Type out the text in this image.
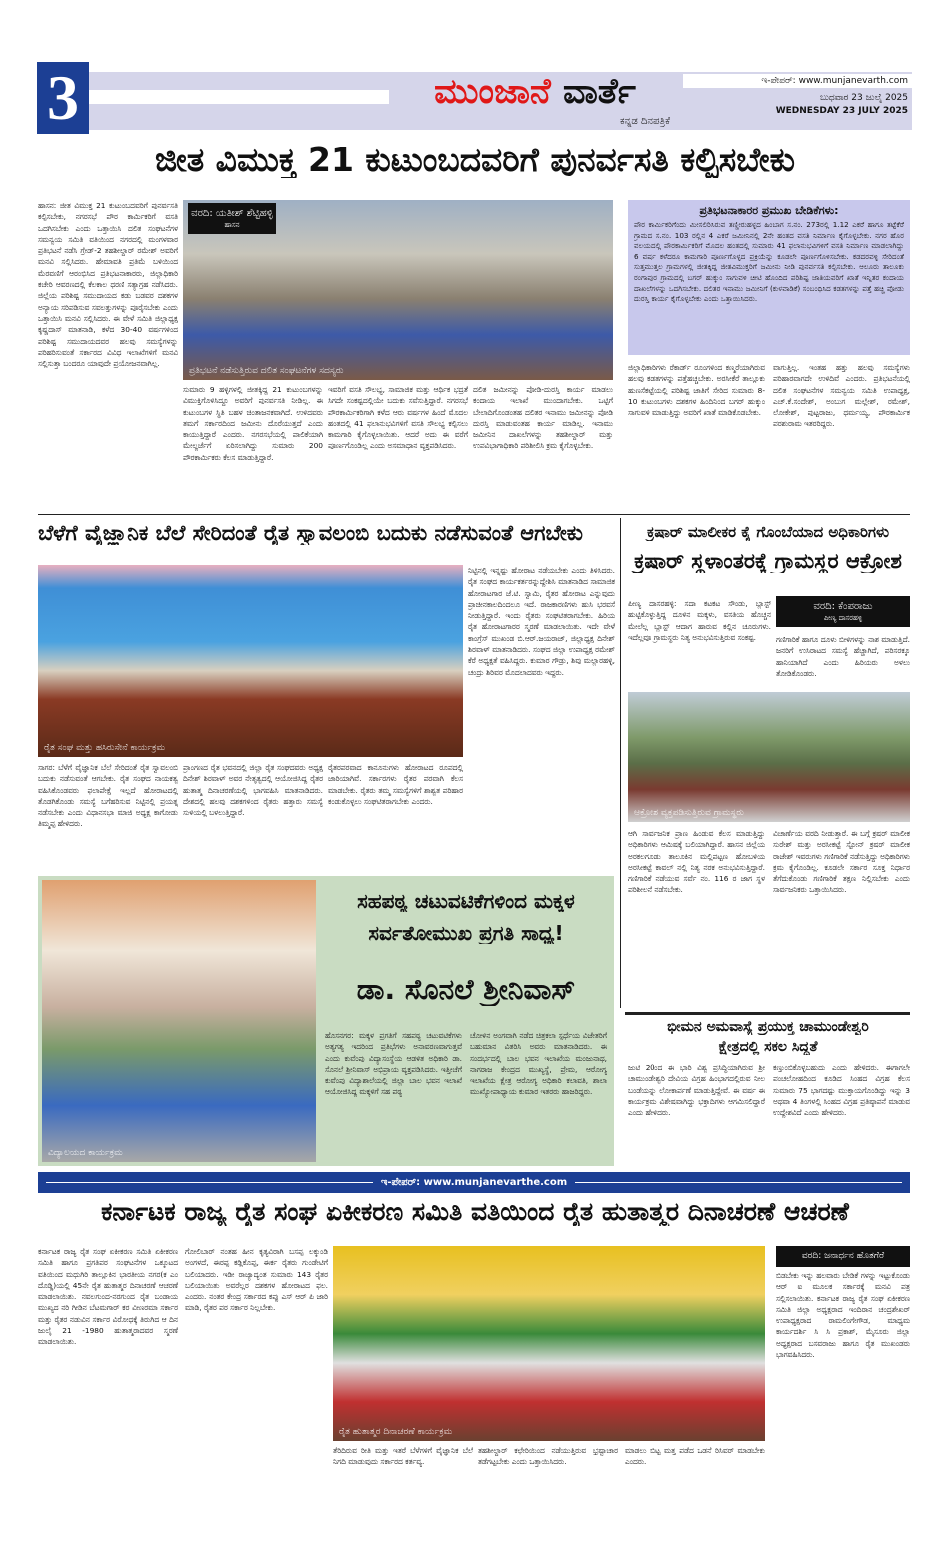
3	ಮುಂಜಾನೆ ವಾರ್ತೆ
ಕನ್ನಡ ದಿನಪತ್ರಿಕೆ
ಇ-ಪೇಪರ್: www.munjanevarth.com
ಬುಧವಾರ 23 ಜುಲೈ 2025
WEDNESDAY 23 JULY 2025
ಜೀತ ವಿಮುಕ್ತ 21 ಕುಟುಂಬದವರಿಗೆ ಪುನರ್ವಸತಿ ಕಲ್ಪಿಸಬೇಕು
ಹಾಸನ: ಜೀತ ವಿಮುಕ್ತ 21 ಕುಟುಂಬದವರಿಗೆ ಪುನರ್ವಸತಿ ಕಲ್ಪಿಸಬೇಕು, ನಗರಸಭೆ ಪೌರ ಕಾರ್ಮಿಕರಿಗೆ ವಸತಿ ಒದಗಿಸಬೇಕು ಎಂದು ಒತ್ತಾಯಿಸಿ ದಲಿತ ಸಂಘಟನೆಗಳ ಸಮನ್ವಯ ಸಮಿತಿ ವತಿಯಿಂದ ನಗರದಲ್ಲಿ ಮಂಗಳವಾರ ಪ್ರತಿಭಟನೆ ನಡೆಸಿ ಗ್ರೇಡ್-2 ತಹಶೀಲ್ದಾರ್ ರಮೇಶ್ ಅವರಿಗೆ ಮನವಿ ಸಲ್ಲಿಸಿದರು. ಹೇಮಾವತಿ ಪ್ರತಿಮೆ ಬಳಿಯಿಂದ ಮೆರವಣಿಗೆ ಆರಂಭಿಸಿದ ಪ್ರತಿಭಟನಾಕಾರರು, ಜಿಲ್ಲಾಧಿಕಾರಿ ಕಚೇರಿ ಆವರಣದಲ್ಲಿ ಕೆಲಕಾಲ ಧರಣಿ ಸತ್ಯಾಗ್ರಹ ನಡೆಸಿದರು. ಜಿಲ್ಲೆಯ ಪರಿಶಿಷ್ಟ ಸಮುದಾಯದ ಕಡು ಬಡವರ ದಶಕಗಳ ಅನ್ಯಾಯ ಸರಿಪಡಿಸುವ ಸವಲತ್ತುಗಳನ್ನು ಪೂರೈಸಬೇಕು ಎಂದು ಒತ್ತಾಯಿಸಿ ಮನವಿ ಸಲ್ಲಿಸಿದರು. ಈ ವೇಳೆ ಸಮಿತಿ ಜಿಲ್ಲಾಧ್ಯಕ್ಷ ಕೃಷ್ಣದಾಸ್ ಮಾತನಾಡಿ, ಕಳೆದ 30-40 ವರ್ಷಗಳಿಂದ ಪರಿಶಿಷ್ಟ ಸಮುದಾಯದವರ ಹಲವು ಸಮಸ್ಯೆಗಳನ್ನು ಪರಿಹರಿಸುವಂತೆ ಸರ್ಕಾರದ ವಿವಿಧ ಇಲಾಖೆಗಳಿಗೆ ಮನವಿ ಸಲ್ಲಿಸುತ್ತಾ ಬಂದರೂ ಯಾವುದೇ ಪ್ರಯೋಜನವಾಗಿಲ್ಲ.
ಪ್ರತಿಭಟನೆ ನಡೆಸುತ್ತಿರುವ ದಲಿತ ಸಂಘಟನೆಗಳ ಸದಸ್ಯರು
ವರದಿ: ಯತೀಶ್ ಶೆಟ್ಟಿಹಳ್ಳಿ
ಹಾಸನ
ಸುಮಾರು 9 ಹಳ್ಳಿಗಳಲ್ಲಿ ಜೀತಕ್ಕಿದ್ದ 21 ಕುಟುಂಬಗಳನ್ನು ವಿಮುಕ್ತಿಗೊಳಿಸಿದ್ದೂ ಅವರಿಗೆ ಪುನರ್ವಸತಿ ನೀಡಿಲ್ಲ. ಈ ಕುಟುಂಬಗಳ ಸ್ಥಿತಿ ಬಹಳ ಚಿಂತಾಜನಕವಾಗಿದೆ. ಉಳಿದವರು ತಮಗೆ ಸರ್ಕಾರದಿಂದ ಜಮೀನು ದೊರೆಯುತ್ತದೆ ಎಂದು ಕಾಯುತ್ತಿದ್ದಾರೆ ಎಂದರು. ನಗರಸಭೆಯಲ್ಲಿ ಪಾಲಿಕೆಯಾಗಿ ಮೇಲ್ದರ್ಜೆಗೆ ಏರಿಸಲಾಗಿದ್ದು ಸುಮಾರು 200 ಪೌರಕಾರ್ಮಿಕರು ಕೆಲಸ ಮಾಡುತ್ತಿದ್ದಾರೆ.
ಇವರಿಗೆ ವಸತಿ ಸೌಲಭ್ಯ, ಸಾಮಾಜಿಕ ಮತ್ತು ಆರ್ಥಿಕ ಭದ್ರತೆ ಸಿಗದೇ ಸಂಕಷ್ಟದಲ್ಲಿಯೇ ಬದುಕು ಸವೆಸುತ್ತಿದ್ದಾರೆ. ನಗರಸಭೆ ಪೌರಕಾರ್ಮಿಕರಿಗಾಗಿ ಕಳೆದ ಆರು ವರ್ಷಗಳ ಹಿಂದೆ ಮೊದಲ ಹಂತದಲ್ಲಿ 41 ಫಲಾನುಭವಿಗಳಿಗೆ ವಸತಿ ಸೌಲಭ್ಯ ಕಲ್ಪಿಸಲು ಕಾಮಗಾರಿ ಕೈಗೊಳ್ಳಲಾಯಿತು. ಆದರೆ ಅದು ಈ ವರೆಗೆ ಪೂರ್ಣಗೊಂಡಿಲ್ಲ ಎಂದು ಅಸಮಾಧಾನ ವ್ಯಕ್ತಪಡಿಸಿದರು.
ದಲಿತ ಜಮೀನನ್ನು ಪೋಡಿ-ದುರಸ್ತಿ ಕಾರ್ಯ ಮಾಡಲು ಕಂದಾಯ ಇಲಾಖೆ ಮುಂದಾಗಬೇಕು. ಒಟ್ಟಿಗೆ ಬೇಲಾದಿಗೊಂಡಂತಹ ದಲಿತರ ಇನಾಮು ಜಮೀನನ್ನು ಪೋಡಿ ದುರಸ್ತಿ ಮಾಡುವಂತಹ ಕಾರ್ಯ ಮಾಡಿಲ್ಲ. ಇನಾಮು ಜಮೀನಿನ ದಾಖಲೆಗಳನ್ನು ತಹಶೀಲ್ದಾರ್ ಮತ್ತು ಉಪವಿಭಾಗಾಧಿಕಾರಿ ಪರಿಶೀಲಿಸಿ ಕ್ರಮ ಕೈಗೊಳ್ಳಬೇಕು.
ಪ್ರತಿಭಟನಾಕಾರರ ಪ್ರಮುಖ ಬೇಡಿಕೆಗಳು:
ಪೌರ ಕಾರ್ಮಿಕರಿಗೆಂದು ಮೀಸಲಿರಿಸಿರುವ ತಣ್ಣೀರುಹಳ್ಳದ ಹಿಂಬಾಗ ಸ.ನಂ. 273ರಲ್ಲಿ 1.12 ಎಕರೆ ಹಾಗೂ ತಟ್ಟೆಕೆರೆ ಗ್ರಾಮದ ಸ.ನಂ. 103 ರಲ್ಲಿನ 4 ಎಕರೆ ಜಮೀನಿನಲ್ಲಿ 2ನೇ ಹಂತದ ವಸತಿ ನಿರ್ಮಾಣ ಕೈಗೊಳ್ಳಬೇಕು. ನಗರ ಹೊರ ವಲಯದಲ್ಲಿ ಪೌರಕಾರ್ಮಿಕರಿಗೆ ಮೊದಲ ಹಂತದಲ್ಲಿ ಸುಮಾರು 41 ಫಲಾನುಭವಿಗಳಿಗೆ ವಸತಿ ನಿರ್ಮಾಣ ಮಾಡಲಾಗಿದ್ದು 6 ವರ್ಷ ಕಳೆದರೂ ಕಾಮಗಾರಿ ಪೂರ್ಣಗೊಳ್ಳದ ಪ್ರಕ್ರಿಯೆನ್ನು ಕೂಡಲೇ ಪೂರ್ಣಗೊಳಿಸಬೇಕು. ಕಡದರವಳ್ಳಿ ಸೇರಿದಂತೆ ಸುತ್ತಮುತ್ತಲ ಗ್ರಾಮಗಳಲ್ಲಿ ಜೀತಕ್ಕಿದ್ದ ಜೀತವಿಮುಕ್ತರಿಗೆ ಜಮೀನು ನೀಡಿ ಪುನರ್ವಸತಿ ಕಲ್ಪಿಸಬೇಕು. ಆಲೂರು ತಾಲೂಕು ರಂಗಾಪುರ ಗ್ರಾಮದಲ್ಲಿ ಬಗರ್ ಹುಕ್ಕುಂ ಸಾಗುವಳಿ ಚೀಟಿ ಹೊಂದಿದ ಪರಿಶಿಷ್ಟ ಜಾತಿಯವರಿಗೆ ಖಾತೆ ಇನ್ನಿತರ ಕಂದಾಯ ದಾಖಲೆಗಳನ್ನು ಒದಗಿಸಬೇಕು. ದಲಿತರ ಇನಾಮು ಜಮೀನಿಗೆ (ಕುಳವಾಡಿಕೆ) ಸಂಬಂಧಿಸಿದ ಕಡತಗಳನ್ನು ಪತ್ತೆ ಹಚ್ಚಿ ಪೋಡು ದುರಸ್ತಿ ಕಾರ್ಯ ಕೈಗೊಳ್ಳಬೇಕು ಎಂದು ಒತ್ತಾಯಿಸಿದರು.
ಜಿಲ್ಲಾಧಿಕಾರಿಗಳು ರೆಕಾರ್ಡ್ ರೂಂಗಳಿಂದ ಕಣ್ಮರೆಯಾಗಿರುವ ಹಲವು ಕಡತಗಳನ್ನು ಪತ್ತೆಹಚ್ಚಬೇಕು. ಅರಸೀಕೆರೆ ತಾಲ್ಲೂಕು ಹುಣಸೆಕಟ್ಟೆಯಲ್ಲಿ ಪರಿಶಿಷ್ಟ ಜಾತಿಗೆ ಸೇರಿದ ಸುಮಾರು 8-10 ಕುಟುಂಬಗಳು ದಶಕಗಳ ಹಿಂದಿನಿಂದ ಬಗರ್ ಹುಕ್ಕುಂ ಸಾಗುವಳಿ ಮಾಡುತ್ತಿದ್ದು ಅವರಿಗೆ ಖಾತೆ ಮಾಡಿಕೊಡಬೇಕು.
ವಾಗುತ್ತಿಲ್ಲ. ಇಂತಹ ಹತ್ತು ಹಲವು ಸಮಸ್ಯೆಗಳು ಪರಿಹಾರವಾಗದೇ ಉಳಿದಿವೆ ಎಂದರು. ಪ್ರತಿಭಟನೆಯಲ್ಲಿ ದಲಿತ ಸಂಘಟನೆಗಳ ಸಮನ್ವಯ ಸಮಿತಿ ಉಪಾಧ್ಯಕ್ಷ, ಎಚ್.ಕೆ.ಸಂದೇಶ್, ಅಂಬುಗ ಮಲ್ಲೇಶ್, ರಮೇಶ್, ಲೋಕೇಶ್, ಪುಟ್ಟರಾಜು, ಧರ್ಮಯ್ಯ, ಪೌರಕಾರ್ಮಿಕ ಪರಶುರಾಮ ಇತರರಿದ್ದರು.
ಬೆಳೆಗೆ ವೈಜ್ಞಾನಿಕ ಬೆಲೆ ಸೇರಿದಂತೆ ರೈತ ಸ್ವಾವಲಂಬಿ ಬದುಕು ನಡೆಸುವಂತೆ ಆಗಬೇಕು
ರೈತ ಸಂಘ ಮತ್ತು ಹಸಿರುಸೇನೆ ಕಾರ್ಯಕ್ರಮ
ನಿಟ್ಟಿನಲ್ಲಿ ಇನ್ನಷ್ಟು ಹೋರಾಟ ನಡೆಯಬೇಕು ಎಂದು ತಿಳಿಸಿದರು. ರೈತ ಸಂಘದ ಕಾರ್ಯಕರ್ತರನ್ನುದ್ದೇಶಿಸಿ ಮಾತನಾಡಿದ ಸಾಮಾಜಿಕ ಹೋರಾಟಗಾರ ಜೆ.ಟಿ. ಸ್ವಾಮಿ, ರೈತರ ಹೋರಾಟ ಎನ್ನುವುದು ಪ್ರಾಚೀನಕಾಲದಿಂದಲೂ ಇದೆ. ರಾಜಕಾರಣಿಗಳು ಹುಸಿ ಭರವಸೆ ನೀಡುತ್ತಿದ್ದಾರೆ. ಇಂದು ರೈತರು ಸಂಘಟಿತರಾಗಬೇಕು. ಹಿರಿಯ ರೈತ ಹೋರಾಟಗಾರರ ಸ್ಮರಣೆ ಮಾಡಲಾಯಿತು. ಇದೇ ವೇಳೆ ಕಾಂಗ್ರೆಸ್ ಮುಖಂಡ ಬಿ.ಆರ್.ಜಯರಾಜ್, ಜಿಲ್ಲಾಧ್ಯಕ್ಷ ದಿನೇಶ್ ಶಿರವಾಳ್ ಮಾತನಾಡಿದರು. ಸಂಘದ ಜಿಲ್ಲಾ ಉಪಾಧ್ಯಕ್ಷ ರಮೇಶ್ ಕೆರೆ ಅಧ್ಯಕ್ಷತೆ ವಹಿಸಿದ್ದರು. ಕುಮಾರ ಗೌಡ್ರು, ಶಿವು ಮಲ್ಲಾರಹಳ್ಳಿ, ಚಂದ್ರು ಶಿರಿವರ ಮೊದಲಾದವರು ಇದ್ದರು.
ಸಾಗರ: ಬೆಳೆಗೆ ವೈಜ್ಞಾನಿಕ ಬೆಲೆ ಸೇರಿದಂತೆ ರೈತ ಸ್ವಾವಲಂಬಿ ಬದುಕು ನಡೆಸುವಂತೆ ಆಗಬೇಕು. ರೈತ ಸಂಘದ ನಾಯಕತ್ವ ವಹಿಸಿಕೊಂಡವರು ಫಲಾಪೇಕ್ಷೆ ಇಲ್ಲದೆ ಹೋರಾಟದಲ್ಲಿ ತೊಡಗಿಕೊಂಡು ಸಮಸ್ಯೆ ಬಗೆಹರಿಸುವ ನಿಟ್ಟಿನಲ್ಲಿ ಪ್ರಯತ್ನ ನಡೆಸಬೇಕು ಎಂದು ವಿಧಾನಸಭಾ ಮಾಜಿ ಅಧ್ಯಕ್ಷ ಕಾಗೋಡು ತಿಮ್ಮಪ್ಪ ಹೇಳಿದರು.
ಪ್ರಾಂಗಣದ ರೈತ ಭವನದಲ್ಲಿ ಜಿಲ್ಲಾ ರೈತ ಸಂಘದವರು ಅಧ್ಯಕ್ಷ ದಿನೇಶ್ ಶಿರವಾಳ್ ಅವರ ನೇತೃತ್ವದಲ್ಲಿ ಆಯೋಜಿಸಿದ್ದ ರೈತರ ಹುತಾತ್ಮ ದಿನಾಚರಣೆಯಲ್ಲಿ ಭಾಗವಹಿಸಿ ಮಾತನಾಡಿದರು. ದೇಶದಲ್ಲಿ ಹಲವು ದಶಕಗಳಿಂದ ರೈತರು ಹತ್ತಾರು ಸಮಸ್ಯೆ ಸುಳಿಯಲ್ಲಿ ಬಳಲುತ್ತಿದ್ದಾರೆ.
ರೈತರಪರವಾದ ಕಾನೂನುಗಳು ಹೋರಾಟದ ರೂಪದಲ್ಲಿ ಜಾರಿಯಾಗಿವೆ. ಸರ್ಕಾರಗಳು ರೈತರ ಪರವಾಗಿ ಕೆಲಸ ಮಾಡಬೇಕು. ರೈತರು ತಮ್ಮ ಸಮಸ್ಯೆಗಳಿಗೆ ಶಾಶ್ವತ ಪರಿಹಾರ ಕಂಡುಕೊಳ್ಳಲು ಸಂಘಟಿತರಾಗಬೇಕು ಎಂದರು.
ಕ್ರಷಾರ್ ಮಾಲೀಕರ ಕೈ ಗೊಂಬೆಯಾದ ಅಧಿಕಾರಿಗಳು
ಕ್ರಷಾರ್ ಸ್ಥಳಾಂತರಕ್ಕೆ ಗ್ರಾಮಸ್ಥರ ಆಕ್ರೋಶ
ಪೀಣ್ಯ ದಾಸರಹಳ್ಳಿ: ಸದಾ ಕಟಕಟ ಸೌಂಡು, ಬ್ಲಾಸ್ಟ್ ಹುಟ್ಟಿಕೊಳ್ಳುತ್ತಿದ್ದ ದೂಳಿನ ಮಕ್ಕಳು, ವಸತಿಯ ಹೊಚ್ಚನ ಮೇಲೆಲ್ಲ ಬ್ಲಾಸ್ಟ್ ಆದಾಗ ಹಾರುವ ಕಲ್ಲಿನ ಚೂರುಗಳು. ಇದೆಲ್ಲವೂ ಗ್ರಾಮಸ್ಥರು ನಿತ್ಯ ಅನುಭವಿಸುತ್ತಿರುವ ಸಂಕಷ್ಟ.
ವರದಿ: ಕೆಂಪರಾಜು
ಪೀಣ್ಯ ದಾಸರಹಳ್ಳಿ
ಗಣಿಗಾರಿಕೆ ಹಾಗೂ ದೂಳು ಬೀಳಿಗಳನ್ನು ನಾಶ ಮಾಡುತ್ತಿದೆ. ಜನರಿಗೆ ಉಸಿರಾಟದ ಸಮಸ್ಯೆ ಹೆಚ್ಚಾಗಿದೆ, ಪರಿಸರಕ್ಕೂ ಹಾನಿಯಾಗಿದೆ ಎಂದು ಹಿರಿಯರು ಅಳಲು ತೋಡಿಕೊಂಡರು.
ಆಕ್ರೋಶ ವ್ಯಕ್ತಪಡಿಸುತ್ತಿರುವ ಗ್ರಾಮಸ್ಥರು
ಆಗಿ ಸಾರ್ವಜನಿಕ ಪ್ರಾಣ ಹಿಂಡುವ ಕೆಲಸ ಮಾಡುತ್ತಿದ್ದು ಅಧಿಕಾರಿಗಳು ಆಮಿಷಕ್ಕೆ ಬಲಿಯಾಗಿದ್ದಾರೆ. ಹಾಸನ ಜಿಲ್ಲೆಯ ಅರಕಲಗೂಡು ತಾಲೂಕಿನ ಮಲ್ಲಿಪಟ್ಟಣ ಹೋಬಳಿಯ ಅರಸೀಕಟ್ಟೆ ಕಾವಲ್ ನಲ್ಲಿ ನಿತ್ಯ ನರಕ ಅನುಭವಿಸುತ್ತಿದ್ದಾರೆ. ಗಣಿಗಾರಿಕೆ ನಡೆಯುವ ಸರ್ವೆ ನಂ. 116 ರ ಜಾಗ ಸ್ಥಳ ಪರಿಶೀಲನೆ ನಡೆಸಬೇಕು.
ವಿಚಾರ್ಣೆಯ ವರದಿ ನೀಡುತ್ತಾರೆ. ಈ ಬಗ್ಗೆ ಕ್ರಷರ್ ಮಾಲೀಕ ಸುರೇಶ್ ಮತ್ತು ಅರಸೀಕಟ್ಟೆ ಸ್ಟೋನ್ ಕ್ರಷರ್ ಮಾಲೀಕ ರಾಜೇಶ್ ಇವರುಗಳು ಗಣಿಗಾರಿಕೆ ನಡೆಸುತ್ತಿದ್ದು ಅಧಿಕಾರಿಗಳು ಕ್ರಮ ಕೈಗೊಂಡಿಲ್ಲ. ಕೂಡಲೇ ಸರ್ಕಾರ ಸೂಕ್ತ ನಿರ್ಧಾರ ತೆಗೆದುಕೊಂಡು ಗಣಿಗಾರಿಕೆ ತಕ್ಷಣ ನಿಲ್ಲಿಸಬೇಕು ಎಂದು ಸಾರ್ವಜನಿಕರು ಒತ್ತಾಯಿಸಿದರು.
ವಿದ್ಯಾಲಯದ ಕಾರ್ಯಕ್ರಮ
ಸಹಪಠ್ಯ ಚಟುವಟಿಕೆಗಳಿಂದ ಮಕ್ಕಳ
ಸರ್ವತೋಮುಖ ಪ್ರಗತಿ ಸಾಧ್ಯ!
ಡಾ. ಸೊನಲೆ ಶ್ರೀನಿವಾಸ್
ಹೊಸನಗರ: ಮಕ್ಕಳ ಪ್ರಗತಿಗೆ ಸಹಪಠ್ಯ ಚಟುವಟಿಕೆಗಳು ಅತ್ಯಗತ್ಯ ಇದರಿಂದ ಪ್ರತಿಭೆಗಳು ಅನಾವರಣವಾಗುತ್ತವೆ ಎಂದು ಕುವೆಂಪು ವಿದ್ಯಾಸಂಸ್ಥೆಯ ಆಡಳಿತ ಅಧಿಕಾರಿ ಡಾ. ಸೊನಲೆ ಶ್ರೀನಿವಾಸ್ ಅಭಿಪ್ರಾಯ ವ್ಯಕ್ತಪಡಿಸಿದರು. ಇತ್ತೀಚೆಗೆ ಕುವೆಂಪು ವಿದ್ಯಾಶಾಲೆಯಲ್ಲಿ ಜಿಲ್ಲಾ ಬಾಲ ಭವನ ಇಲಾಖೆ ಆಯೋಜಿಸಿದ್ದ ಮಕ್ಕಳಿಗೆ ಸಹ ಪಠ್ಯ
ಚೋಳಿನ ಅಂಗವಾಗಿ ನಡೆದ ಚಿತ್ರಕಲಾ ಸ್ಪರ್ಧೆಯ ವಿಜೇತರಿಗೆ ಬಹುಮಾನ ವಿತರಿಸಿ ಅವರು ಮಾತನಾಡಿದರು. ಈ ಸಂದರ್ಭದಲ್ಲಿ ಬಾಲ ಭವನ ಇಲಾಖೆಯ ಮಂಜುನಾಥ, ನಾಗರಾಜ ಕೇಂದ್ರದ ಮುಖ್ಯಸ್ಥೆ, ಪ್ರೇಮ, ಆರೋಗ್ಯ ಇಲಾಖೆಯ ಕ್ಷೇತ್ರ ಆರೋಗ್ಯ ಅಧಿಕಾರಿ ಕಲಾವತಿ, ಶಾಲಾ ಮುಖ್ಯೋಪಾಧ್ಯಾಯ ಕುಮಾರ ಇತರರು ಹಾಜರಿದ್ದರು.
ಭೀಮನ ಅಮವಾಸ್ಯೆ ಪ್ರಯುಕ್ತ ಚಾಮುಂಡೇಶ್ವರಿ
ಕ್ಷೇತ್ರದಲ್ಲಿ ಸಕಲ ಸಿದ್ಧತೆ
ಜುಟಿ 20ಂದ ಈ ಭಾರಿ ವಿಶ್ವ ಪ್ರಸಿದ್ಧಿಯಾಗಿರುವ ಶ್ರೀ ಚಾಮುಂಡೇಶ್ವರಿ ದೇವಿಯ ವಿಗ್ರಹ ಹಿಂಭಾಗದಲ್ಲಿರುವ ನೀಲ ಬಂಡೆಯನ್ನು ಲೋಕಾರ್ಪಣೆ ಮಾಡುತ್ತಿದ್ದೇವೆ. ಈ ವರ್ಷ ಈ ಕಾರ್ಯಕ್ರಮ ವಿಶೇಷವಾಗಿದ್ದು ಭಕ್ತಾದಿಗಳು ಆಗಮಿಸಲಿದ್ದಾರೆ ಎಂದು ಹೇಳಿದರು.
ಕಣ್ತುಂಬಿಕೊಳ್ಳಬಹುದು ಎಂದು ಹೇಳಿದರು. ಈಗಾಗಲೇ ಪಂಚಲೋಹದಿಂದ ಕೂಡಿದ ಸಿಂಹದ ವಿಗ್ರಹ ಕೆಲಸ ಸುಮಾರು 75 ಭಾಗದಷ್ಟು ಮುಕ್ತಾಯಗೊಂಡಿದ್ದು ಇನ್ನು 3 ಅಥವಾ 4 ತಿಂಗಳಲ್ಲಿ ಸಿಂಹದ ವಿಗ್ರಹ ಪ್ರತಿಷ್ಠಾಪನೆ ಮಾಡುವ ಉದ್ದೇಶವಿದೆ ಎಂದು ಹೇಳಿದರು.
ಇ-ಪೇಪರ್: www.munjanevarthe.com
ಕರ್ನಾಟಕ ರಾಜ್ಯ ರೈತ ಸಂಘ ಏಕೀಕರಣ ಸಮಿತಿ ವತಿಯಿಂದ ರೈತ ಹುತಾತ್ಮರ ದಿನಾಚರಣೆ ಆಚರಣೆ
ಕರ್ನಾಟಕ ರಾಜ್ಯ ರೈತ ಸಂಘ ಏಕೀಕರಣ ಸಮಿತಿ ಏಕೀಕರಣ ಸಮಿತಿ ಹಾಗೂ ಪ್ರಗತಿಪರ ಸಂಘಟನೆಗಳ ಒಕ್ಕೂಟದ ವತಿಯಿಂದ ಮಧುಗಿರಿ ತಾಲ್ಲೂಕಿನ ಭಾರತೀಯ ನಗರ(ಕ ಎಂ ದೊಡ್ಡಿ)ಯಲ್ಲಿ 45ನೇ ರೈತ ಹುತಾತ್ಮರ ದಿನಾಚರಣೆ ಆಚರಣೆ ಮಾಡಲಾಯಿತು. ನವಲಗುಂದ-ನರಗುಂದ ರೈತ ಬಂಡಾಯ ಮುಖ್ಯದ ನರಿ ಗೀಡಿನ ಬೆಟಮಗಾರ್ ಕರ ವೀಣರಮಾ ಸರ್ಕಾರ ಮತ್ತು ರೈತರ ನಡುವಿನ ಸರ್ಕಾರ ವಿರೋಧಕ್ಕೆ ತಿರುಗಿದ ಆ ದಿನ ಜುಲೈ 21 -1980 ಹುತಾತ್ಮರಾದವರ ಸ್ಮರಣೆ ಮಾಡಲಾಯಿತು.
ಗೋಲಿಬಾರ್ ನಂತಹ ಹೀನ ಕೃತ್ಯವಿರಾಗಿ ಬಸಪ್ಪ ಲಕ್ಕುಂಡಿ ಅಂಗಳದೆ, ಈರಪ್ಪ ಕಡ್ಲಿಕೊಪ್ಪ, ಈರ್ಕ ರೈತರು ಗುಂಡೇಟಿಗೆ ಬಲಿಯಾದರು. ಇಡೀ ರಾಜ್ಯಾದ್ಯಂತ ಸುಮಾರು 143 ರೈತರ ಬಲಿಯಾಯಿತು ಅವರೆಲ್ಲರ ದಶಕಗಳ ಹೋರಾಟದ ಫಲ. ಎಂದರು. ನಂತರ ಕೇಂದ್ರ ಸರ್ಕಾರದ ಕಪ್ಪು ಎಸ್ ಆರ್ ಪಿ ಜಾರಿ ಮಾಡಿ, ರೈತರ ಪರ ಸರ್ಕಾರ ನಿಲ್ಲಬೇಕು.
ರೈತ ಹುತಾತ್ಮರ ದಿನಾಚರಣೆ ಕಾರ್ಯಕ್ರಮ
ತೆರಿದಿರುವ ರೀತಿ ಮತ್ತು ಇತರೆ ಬೆಳೆಗಳಿಗೆ ವೈಜ್ಞಾನಿಕ ಬೆಲೆ ನಿಗದಿ ಮಾಡುವುದು ಸರ್ಕಾರದ ಕರ್ತವ್ಯ.
ತಹಶೀಲ್ದಾರ್ ಕಛೇರಿಯಿಂದ ನಡೆಯುತ್ತಿರುವ ಭ್ರಷ್ಟಾಚಾರ ತಡೆಗಟ್ಟಬೇಕು ಎಂದು ಒತ್ತಾಯಿಸಿದರು.
ಮಾಡಲು ಬಿಟ್ಟ ಮತ್ತ ಪಡೆದ ಒಡನೆ ರಿಸಿವರ್ ಮಾಡಬೇಕು ಎಂದರು.
ವರದಿ: ಜನಾರ್ಧನ ಹೊತಗೆರೆ
ಬಿಡಬೇಕು ಇನ್ನು ಹಲವಾರು ಬೇಡಿಕೆ ಗಳನ್ನು ಇಟ್ಟುಕೊಂಡು ಆರ್ ಐ ಮೂಲಕ ಸರ್ಕಾರಕ್ಕೆ ಮನವಿ ಪತ್ರ ಸಲ್ಲಿಸಲಾಯಿತು. ಕರ್ನಾಟಕ ರಾಜ್ಯ ರೈತ ಸಂಘ ಏಕೀಕರಣ ಸಮಿತಿ ಜಿಲ್ಲಾ ಅಧ್ಯಕ್ಷರಾದ ಇಂದಿರಾನ ಚಂದ್ರಶೇಖರ್ ಉಪಾಧ್ಯಕ್ಷರಾದ ರಾಮಲಿಂಗೇಗೌಡ, ಮಾಧ್ಯಮ ಕಾರ್ಯದರ್ಶಿ ಸಿ ಸಿ ಪ್ರಕಾಶ್, ಮೈಸೂರು ಜಿಲ್ಲಾ ಅಧ್ಯಕ್ಷರಾದ ಬಸವರಾಜು ಹಾಗೂ ರೈತ ಮುಖಂಡರು ಭಾಗವಹಿಸಿದರು.
